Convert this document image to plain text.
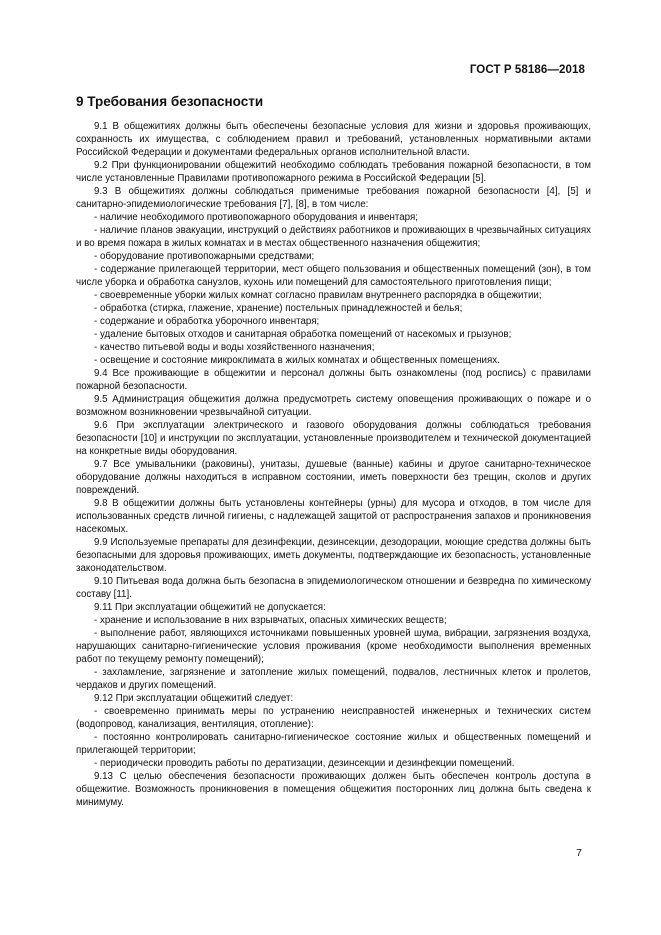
ГОСТ Р 58186—2018
9 Требования безопасности

9.1 В общежитиях должны быть обеспечены безопасные условия для жизни и здоровья проживающих, сохранность их имущества, с соблюдением правил и требований, установленных нормативными актами Российской Федерации и документами федеральных органов исполнительной власти.

9.2 При функционировании общежитий необходимо соблюдать требования пожарной безопасности, в том числе установленные Правилами противопожарного режима в Российской Федерации [5].

9.3 В общежитиях должны соблюдаться применимые требования пожарной безопасности [4], [5] и санитарно-эпидемиологические требования [7], [8], в том числе:

- наличие необходимого противопожарного оборудования и инвентаря;

- наличие планов эвакуации, инструкций о действиях работников и проживающих в чрезвычайных ситуациях и во время пожара в жилых комнатах и в местах общественного назначения общежития;

- оборудование противопожарными средствами;

- содержание прилегающей территории, мест общего пользования и общественных помещений (зон), в том числе уборка и обработка санузлов, кухонь или помещений для самостоятельного приготовления пищи;

- своевременные уборки жилых комнат согласно правилам внутреннего распорядка в общежитии;

- обработка (стирка, глажение, хранение) постельных принадлежностей и белья;

- содержание и обработка уборочного инвентаря;

- удаление бытовых отходов и санитарная обработка помещений от насекомых и грызунов;

- качество питьевой воды и воды хозяйственного назначения;

- освещение и состояние микроклимата в жилых комнатах и общественных помещениях.

9.4 Все проживающие в общежитии и персонал должны быть ознакомлены (под роспись) с правилами пожарной безопасности.

9.5 Администрация общежития должна предусмотреть систему оповещения проживающих о пожаре и о возможном возникновении чрезвычайной ситуации.

9.6 При эксплуатации электрического и газового оборудования должны соблюдаться требования безопасности [10] и инструкции по эксплуатации, установленные производителем и технической документацией на конкретные виды оборудования.

9.7 Все умывальники (раковины), унитазы, душевые (ванные) кабины и другое санитарно-техническое оборудование должны находиться в исправном состоянии, иметь поверхности без трещин, сколов и других повреждений.

9.8 В общежитии должны быть установлены контейнеры (урны) для мусора и отходов, в том числе для использованных средств личной гигиены, с надлежащей защитой от распространения запахов и проникновения насекомых.

9.9 Используемые препараты для дезинфекции, дезинсекции, дезодорации, моющие средства должны быть безопасными для здоровья проживающих, иметь документы, подтверждающие их безопасность, установленные законодательством.

9.10 Питьевая вода должна быть безопасна в эпидемиологическом отношении и безвредна по химическому составу [11].

9.11 При эксплуатации общежитий не допускается:

- хранение и использование в них взрывчатых, опасных химических веществ;

- выполнение работ, являющихся источниками повышенных уровней шума, вибрации, загрязнения воздуха, нарушающих санитарно-гигиенические условия проживания (кроме необходимости выполнения временных работ по текущему ремонту помещений);

- захламление, загрязнение и затопление жилых помещений, подвалов, лестничных клеток и пролетов, чердаков и других помещений.

9.12 При эксплуатации общежитий следует:

- своевременно принимать меры по устранению неисправностей инженерных и технических систем (водопровод, канализация, вентиляция, отопление):

- постоянно контролировать санитарно-гигиеническое состояние жилых и общественных помещений и прилегающей территории;

- периодически проводить работы по дератизации, дезинсекции и дезинфекции помещений.

9.13 С целью обеспечения безопасности проживающих должен быть обеспечен контроль доступа в общежитие. Возможность проникновения в помещения общежития посторонних лиц должна быть сведена к минимуму.

7
